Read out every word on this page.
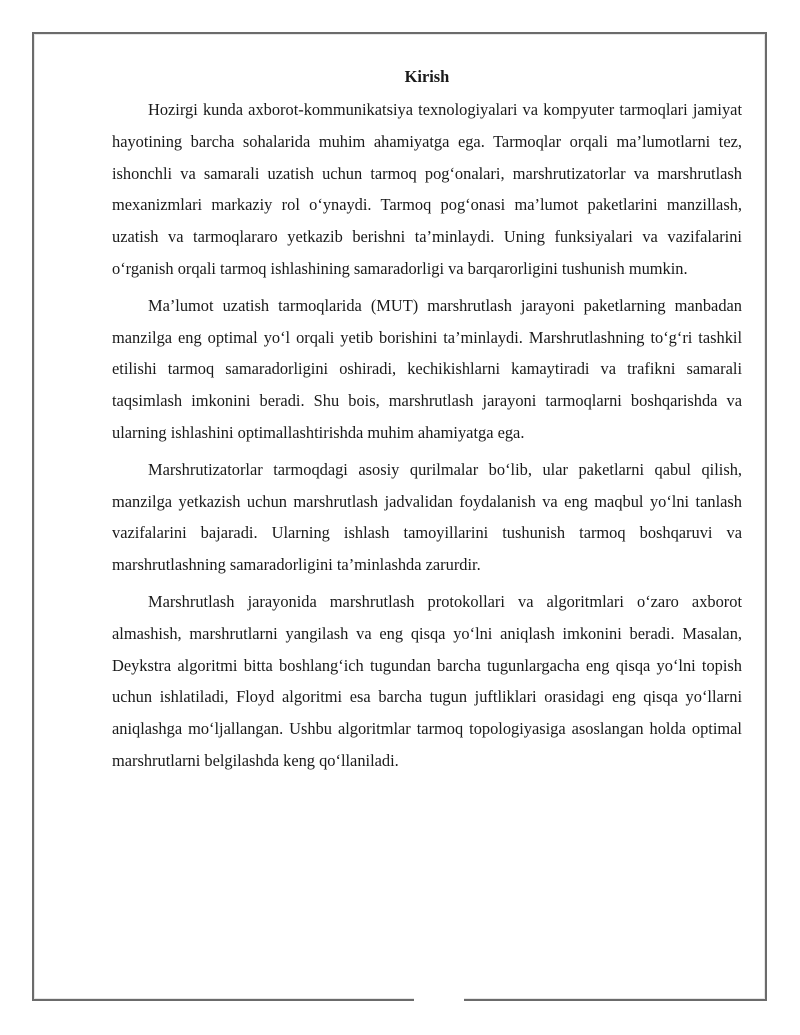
Kirish

Hozirgi kunda axborot-kommunikatsiya texnologiyalari va kompyuter tarmoqlari jamiyat hayotining barcha sohalarida muhim ahamiyatga ega. Tarmoqlar orqali ma’lumotlarni tez, ishonchli va samarali uzatish uchun tarmoq pog‘onalari, marshrutizatorlar va marshrutlash mexanizmlari markaziy rol o‘ynaydi. Tarmoq pog‘onasi ma’lumot paketlarini manzillash, uzatish va tarmoqlararo yetkazib berishni ta’minlaydi. Uning funksiyalari va vazifalarini o‘rganish orqali tarmoq ishlashining samaradorligi va barqarorligini tushunish mumkin.

Ma’lumot uzatish tarmoqlarida (MUT) marshrutlash jarayoni paketlarning manbadan manzilga eng optimal yo‘l orqali yetib borishini ta’minlaydi. Marshrutlashning to‘g‘ri tashkil etilishi tarmoq samaradorligini oshiradi, kechikishlarni kamaytiradi va trafikni samarali taqsimlash imkonini beradi. Shu bois, marshrutlash jarayoni tarmoqlarni boshqarishda va ularning ishlashini optimallashtirishda muhim ahamiyatga ega.

Marshrutizatorlar tarmoqdagi asosiy qurilmalar bo‘lib, ular paketlarni qabul qilish, manzilga yetkazish uchun marshrutlash jadvalidan foydalanish va eng maqbul yo‘lni tanlash vazifalarini bajaradi. Ularning ishlash tamoyillarini tushunish tarmoq boshqaruvi va marshrutlashning samaradorligini ta’minlashda zarurdir.

Marshrutlash jarayonida marshrutlash protokollari va algoritmlari o‘zaro axborot almashish, marshrutlarni yangilash va eng qisqa yo‘lni aniqlash imkonini beradi. Masalan, Deykstra algoritmi bitta boshlang‘ich tugundan barcha tugunlargacha eng qisqa yo‘lni topish uchun ishlatiladi, Floyd algoritmi esa barcha tugun juftliklari orasidagi eng qisqa yo‘llarni aniqlashga mo‘ljallangan. Ushbu algoritmlar tarmoq topologiyasiga asoslangan holda optimal marshrutlarni belgilashda keng qo‘llaniladi.
